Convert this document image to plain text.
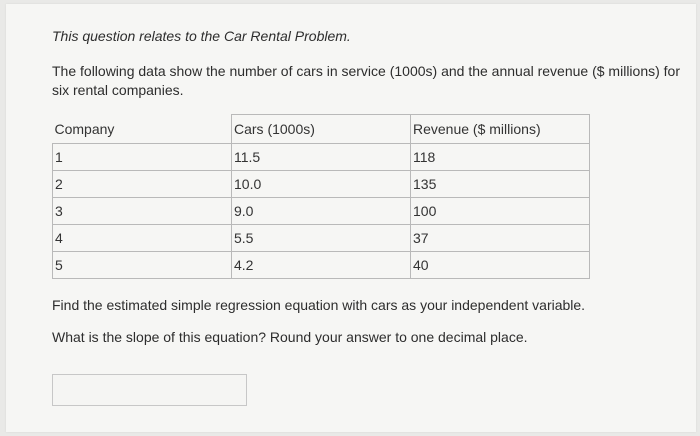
This question relates to the Car Rental Problem.
The following data show the number of cars in service (1000s) and the annual revenue ($ millions) for six rental companies.
Company	Cars (1000s)	Revenue ($ millions)
1	11.5	118
2	10.0	135
3	9.0	100
4	5.5	37
5	4.2	40
Find the estimated simple regression equation with cars as your independent variable.
What is the slope of this equation? Round your answer to one decimal place.
